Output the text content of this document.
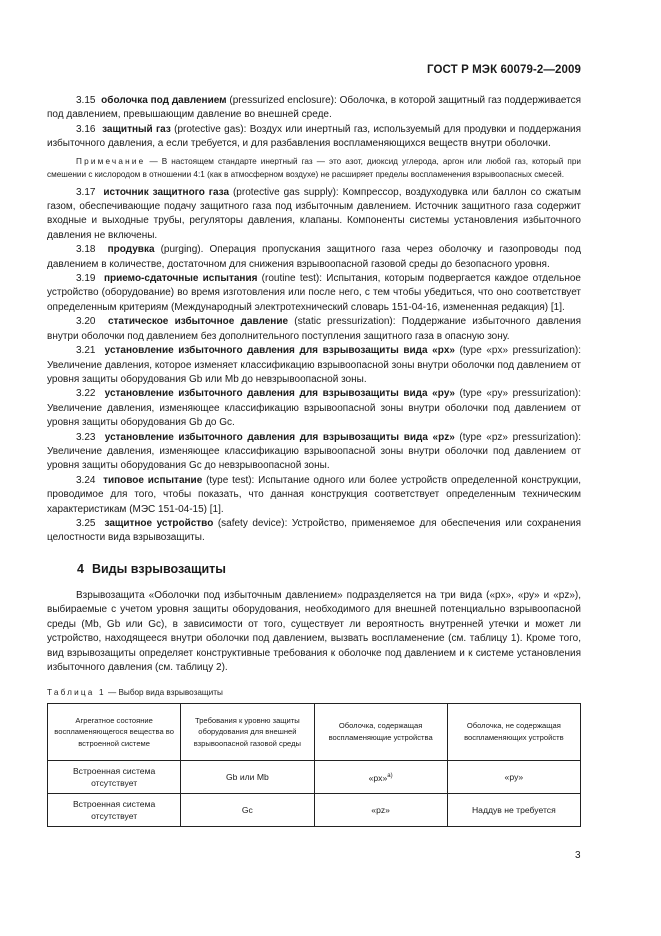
ГОСТ Р МЭК 60079-2—2009

3.15 оболочка под давлением (pressurized enclosure): Оболочка, в которой защитный газ поддерживается под давлением, превышающим давление во внешней среде.

3.16 защитный газ (protective gas): Воздух или инертный газ, используемый для продувки и поддержания избыточного давления, а если требуется, и для разбавления воспламеняющихся веществ внутри оболочки.

Примечание — В настоящем стандарте инертный газ — это азот, диоксид углерода, аргон или любой газ, который при смешении с кислородом в отношении 4:1 (как в атмосферном воздухе) не расширяет пределы воспламенения взрывоопасных смесей.

3.17 источник защитного газа (protective gas supply): Компрессор, воздуходувка или баллон со сжатым газом, обеспечивающие подачу защитного газа под избыточным давлением. Источник защитного газа содержит входные и выходные трубы, регуляторы давления, клапаны. Компоненты системы установления избыточного давления не включены.

3.18 продувка (purging). Операция пропускания защитного газа через оболочку и газопроводы под давлением в количестве, достаточном для снижения взрывоопасной газовой среды до безопасного уровня.

3.19 приемо-сдаточные испытания (routine test): Испытания, которым подвергается каждое отдельное устройство (оборудование) во время изготовления или после него, с тем чтобы убедиться, что оно соответствует определенным критериям (Международный электротехнический словарь 151-04-16, измененная редакция) [1].

3.20 статическое избыточное давление (static pressurization): Поддержание избыточного давления внутри оболочки под давлением без дополнительного поступления защитного газа в опасную зону.

3.21 установление избыточного давления для взрывозащиты вида «px» (type «px» pressurization): Увеличение давления, которое изменяет классификацию взрывоопасной зоны внутри оболочки под давлением от уровня защиты оборудования Gb или Mb до невзрывоопасной зоны.

3.22 установление избыточного давления для взрывозащиты вида «py» (type «py» pressurization): Увеличение давления, изменяющее классификацию взрывоопасной зоны внутри оболочки под давлением от уровня защиты оборудования Gb до Gc.

3.23 установление избыточного давления для взрывозащиты вида «pz» (type «pz» pressurization): Увеличение давления, изменяющее классификацию взрывоопасной зоны внутри оболочки под давлением от уровня защиты оборудования Gc до невзрывоопасной зоны.

3.24 типовое испытание (type test): Испытание одного или более устройств определенной конструкции, проводимое для того, чтобы показать, что данная конструкция соответствует определенным техническим характеристикам (МЭС 151-04-15) [1].

3.25 защитное устройство (safety device): Устройство, применяемое для обеспечения или сохранения целостности вида взрывозащиты.

4 Виды взрывозащиты

Взрывозащита «Оболочки под избыточным давлением» подразделяется на три вида («px», «py» и «pz»), выбираемые с учетом уровня защиты оборудования, необходимого для внешней потенциально взрывоопасной среды (Mb, Gb или Gc), в зависимости от того, существует ли вероятность внутренней утечки и может ли устройство, находящееся внутри оболочки под давлением, вызвать воспламенение (см. таблицу 1). Кроме того, вид взрывозащиты определяет конструктивные требования к оболочке под давлением и к системе установления избыточного давления (см. таблицу 2).

Таблица 1 — Выбор вида взрывозащиты
Агрегатное состояние воспламеняющегося вещества во встроенной системе	Требования к уровню защиты оборудования для внешней взрывоопасной газовой среды	Оболочка, содержащая воспламеняющие устройства	Оболочка, не содержащая воспламеняющих устройств
Встроенная система отсутствует	Gb или Mb	«px»$^{а)}$	«py»
Встроенная система отсутствует	Gc	«pz»	Наддув не требуется
3
